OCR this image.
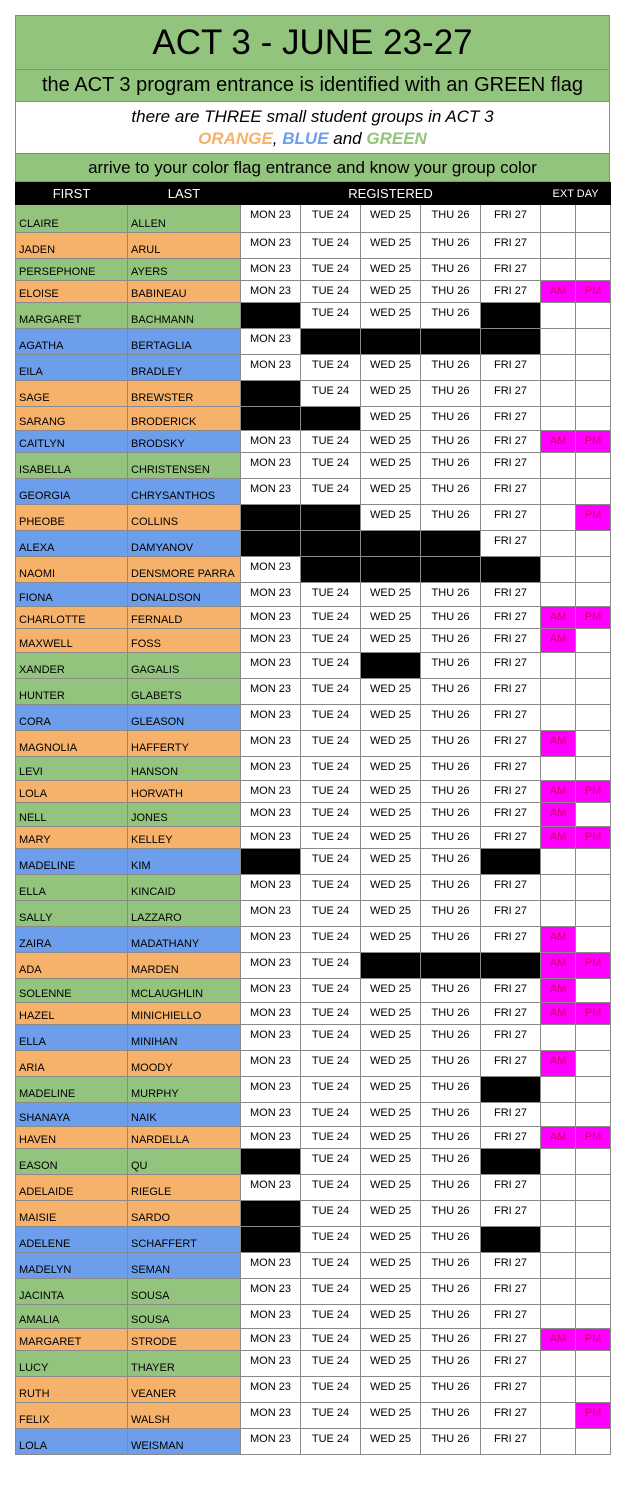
ACT 3 - JUNE 23-27
the ACT 3 program entrance is identified with an GREEN flag
there are THREE small student groups in ACT 3
ORANGE, BLUE and GREEN
arrive to your color flag entrance and know your group color
FIRST	LAST	REGISTERED					EXT DAY	
CLAIRE	ALLEN	MON 23	TUE 24	WED 25	THU 26	FRI 27		
JADEN	ARUL	MON 23	TUE 24	WED 25	THU 26	FRI 27		
PERSEPHONE	AYERS	MON 23	TUE 24	WED 25	THU 26	FRI 27		
ELOISE	BABINEAU	MON 23	TUE 24	WED 25	THU 26	FRI 27	AM	PM
MARGARET	BACHMANN		TUE 24	WED 25	THU 26			
AGATHA	BERTAGLIA	MON 23						
EILA	BRADLEY	MON 23	TUE 24	WED 25	THU 26	FRI 27		
SAGE	BREWSTER		TUE 24	WED 25	THU 26	FRI 27		
SARANG	BRODERICK			WED 25	THU 26	FRI 27		
CAITLYN	BRODSKY	MON 23	TUE 24	WED 25	THU 26	FRI 27	AM	PM
ISABELLA	CHRISTENSEN	MON 23	TUE 24	WED 25	THU 26	FRI 27		
GEORGIA	CHRYSANTHOS	MON 23	TUE 24	WED 25	THU 26	FRI 27		
PHEOBE	COLLINS			WED 25	THU 26	FRI 27		PM
ALEXA	DAMYANOV					FRI 27		
NAOMI	DENSMORE PARRA	MON 23						
FIONA	DONALDSON	MON 23	TUE 24	WED 25	THU 26	FRI 27		
CHARLOTTE	FERNALD	MON 23	TUE 24	WED 25	THU 26	FRI 27	AM	PM
MAXWELL	FOSS	MON 23	TUE 24	WED 25	THU 26	FRI 27	AM	
XANDER	GAGALIS	MON 23	TUE 24		THU 26	FRI 27		
HUNTER	GLABETS	MON 23	TUE 24	WED 25	THU 26	FRI 27		
CORA	GLEASON	MON 23	TUE 24	WED 25	THU 26	FRI 27		
MAGNOLIA	HAFFERTY	MON 23	TUE 24	WED 25	THU 26	FRI 27	AM	
LEVI	HANSON	MON 23	TUE 24	WED 25	THU 26	FRI 27		
LOLA	HORVATH	MON 23	TUE 24	WED 25	THU 26	FRI 27	AM	PM
NELL	JONES	MON 23	TUE 24	WED 25	THU 26	FRI 27	AM	
MARY	KELLEY	MON 23	TUE 24	WED 25	THU 26	FRI 27	AM	PM
MADELINE	KIM		TUE 24	WED 25	THU 26			
ELLA	KINCAID	MON 23	TUE 24	WED 25	THU 26	FRI 27		
SALLY	LAZZARO	MON 23	TUE 24	WED 25	THU 26	FRI 27		
ZAIRA	MADATHANY	MON 23	TUE 24	WED 25	THU 26	FRI 27	AM	
ADA	MARDEN	MON 23	TUE 24				AM	PM
SOLENNE	MCLAUGHLIN	MON 23	TUE 24	WED 25	THU 26	FRI 27	AM	
HAZEL	MINICHIELLO	MON 23	TUE 24	WED 25	THU 26	FRI 27	AM	PM
ELLA	MINIHAN	MON 23	TUE 24	WED 25	THU 26	FRI 27		
ARIA	MOODY	MON 23	TUE 24	WED 25	THU 26	FRI 27	AM	
MADELINE	MURPHY	MON 23	TUE 24	WED 25	THU 26			
SHANAYA	NAIK	MON 23	TUE 24	WED 25	THU 26	FRI 27		
HAVEN	NARDELLA	MON 23	TUE 24	WED 25	THU 26	FRI 27	AM	PM
EASON	QU		TUE 24	WED 25	THU 26			
ADELAIDE	RIEGLE	MON 23	TUE 24	WED 25	THU 26	FRI 27		
MAISIE	SARDO		TUE 24	WED 25	THU 26	FRI 27		
ADELENE	SCHAFFERT		TUE 24	WED 25	THU 26			
MADELYN	SEMAN	MON 23	TUE 24	WED 25	THU 26	FRI 27		
JACINTA	SOUSA	MON 23	TUE 24	WED 25	THU 26	FRI 27		
AMALIA	SOUSA	MON 23	TUE 24	WED 25	THU 26	FRI 27		
MARGARET	STRODE	MON 23	TUE 24	WED 25	THU 26	FRI 27	AM	PM
LUCY	THAYER	MON 23	TUE 24	WED 25	THU 26	FRI 27		
RUTH	VEANER	MON 23	TUE 24	WED 25	THU 26	FRI 27		
FELIX	WALSH	MON 23	TUE 24	WED 25	THU 26	FRI 27		PM
LOLA	WEISMAN	MON 23	TUE 24	WED 25	THU 26	FRI 27		
